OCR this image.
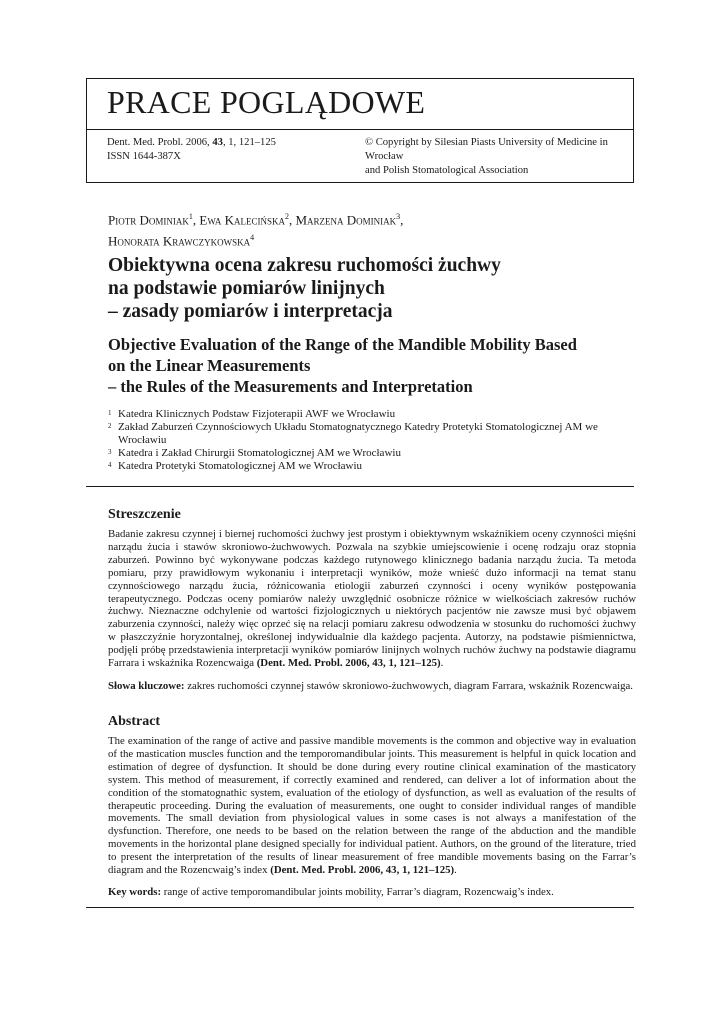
PRACE POGLĄDOWE
Dent. Med. Probl. 2006, 43, 1, 121–125
ISSN 1644-387X
© Copyright by Silesian Piasts University of Medicine in Wrocław
and Polish Stomatological Association
Piotr Dominiak$^1$, Ewa Kalecińska$^2$, Marzena Dominiak$^3$,
Honorata Krawczykowska$^4$
Obiektywna ocena zakresu ruchomości żuchwy
na podstawie pomiarów linijnych
– zasady pomiarów i interpretacja
Objective Evaluation of the Range of the Mandible Mobility Based
on the Linear Measurements
– the Rules of the Measurements and Interpretation
1 Katedra Klinicznych Podstaw Fizjoterapii AWF we Wrocławiu
2 Zakład Zaburzeń Czynnościowych Układu Stomatognatycznego Katedry Protetyki Stomatologicznej AM we Wrocławiu
3 Katedra i Zakład Chirurgii Stomatologicznej AM we Wrocławiu
4 Katedra Protetyki Stomatologicznej AM we Wrocławiu
Streszczenie
Badanie zakresu czynnej i biernej ruchomości żuchwy jest prostym i obiektywnym wskaźnikiem oceny czynności mięśni narządu żucia i stawów skroniowo-żuchwowych. Pozwala na szybkie umiejscowienie i ocenę rodzaju oraz stopnia zaburzeń. Powinno być wykonywane podczas każdego rutynowego klinicznego badania narządu żucia. Ta metoda pomiaru, przy prawidłowym wykonaniu i interpretacji wyników, może wnieść dużo informacji na temat stanu czynnościowego narządu żucia, różnicowania etiologii zaburzeń czynności i oceny wyników postępowania terapeutycznego. Podczas oceny pomiarów należy uwzględnić osobnicze różnice w wielkościach zakresów ruchów żuchwy. Nieznaczne odchylenie od wartości fizjologicznych u niektórych pacjentów nie zawsze musi być objawem zaburzenia czynności, należy więc oprzeć się na relacji pomiaru zakresu odwodzenia w stosunku do ruchomości żuchwy w płaszczyźnie horyzontalnej, określonej indywidualnie dla każdego pacjenta. Autorzy, na podstawie piśmiennictwa, podjęli próbę przedstawienia interpretacji wyników pomiarów linijnych wolnych ruchów żuchwy na podstawie diagramu Farrara i wskaźnika Rozencwaiga (Dent. Med. Probl. 2006, 43, 1, 121–125).
Słowa kluczowe: zakres ruchomości czynnej stawów skroniowo-żuchwowych, diagram Farrara, wskaźnik Rozencwaiga.
Abstract
The examination of the range of active and passive mandible movements is the common and objective way in evaluation of the mastication muscles function and the temporomandibular joints. This measurement is helpful in quick location and estimation of degree of dysfunction. It should be done during every routine clinical examination of the masticatory system. This method of measurement, if correctly examined and rendered, can deliver a lot of information about the condition of the stomatognathic system, evaluation of the etiology of dysfunction, as well as evaluation of the results of therapeutic proceeding. During the evaluation of measurements, one ought to consider individual ranges of mandible movements. The small deviation from physiological values in some cases is not always a manifestation of the dysfunction. Therefore, one needs to be based on the relation between the range of the abduction and the mandible movements in the horizontal plane designed specially for individual patient. Authors, on the ground of the literature, tried to present the interpretation of the results of linear measurement of free mandible movements basing on the Farrar’s diagram and the Rozencwaig’s index (Dent. Med. Probl. 2006, 43, 1, 121–125).
Key words: range of active temporomandibular joints mobility, Farrar’s diagram, Rozencwaig’s index.
